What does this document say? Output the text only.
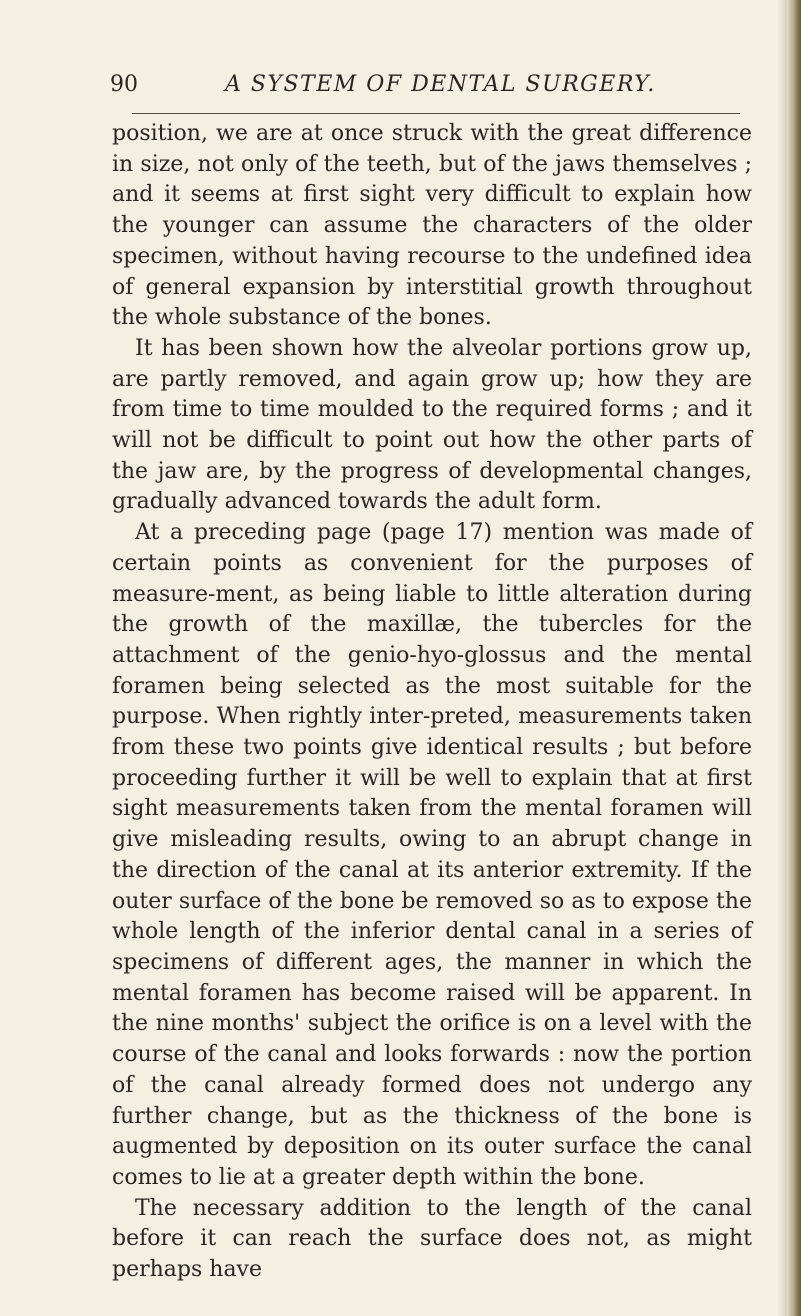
90	A SYSTEM OF DENTAL SURGERY.

position, we are at once struck with the great difference in size, not only of the teeth, but of the jaws themselves ; and it seems at first sight very difficult to explain how the younger can assume the characters of the older specimen, without having recourse to the undefined idea of general expansion by interstitial growth throughout the whole substance of the bones.

It has been shown how the alveolar portions grow up, are partly removed, and again grow up; how they are from time to time moulded to the required forms ; and it will not be difficult to point out how the other parts of the jaw are, by the progress of developmental changes, gradually advanced towards the adult form.

At a preceding page (page 17) mention was made of certain points as convenient for the purposes of measure-ment, as being liable to little alteration during the growth of the maxillæ, the tubercles for the attachment of the genio-hyo-glossus and the mental foramen being selected as the most suitable for the purpose. When rightly inter-preted, measurements taken from these two points give identical results ; but before proceeding further it will be well to explain that at first sight measurements taken from the mental foramen will give misleading results, owing to an abrupt change in the direction of the canal at its anterior extremity. If the outer surface of the bone be removed so as to expose the whole length of the inferior dental canal in a series of specimens of different ages, the manner in which the mental foramen has become raised will be apparent. In the nine months' subject the orifice is on a level with the course of the canal and looks forwards : now the portion of the canal already formed does not undergo any further change, but as the thickness of the bone is augmented by deposition on its outer surface the canal comes to lie at a greater depth within the bone.

The necessary addition to the length of the canal before it can reach the surface does not, as might perhaps have
